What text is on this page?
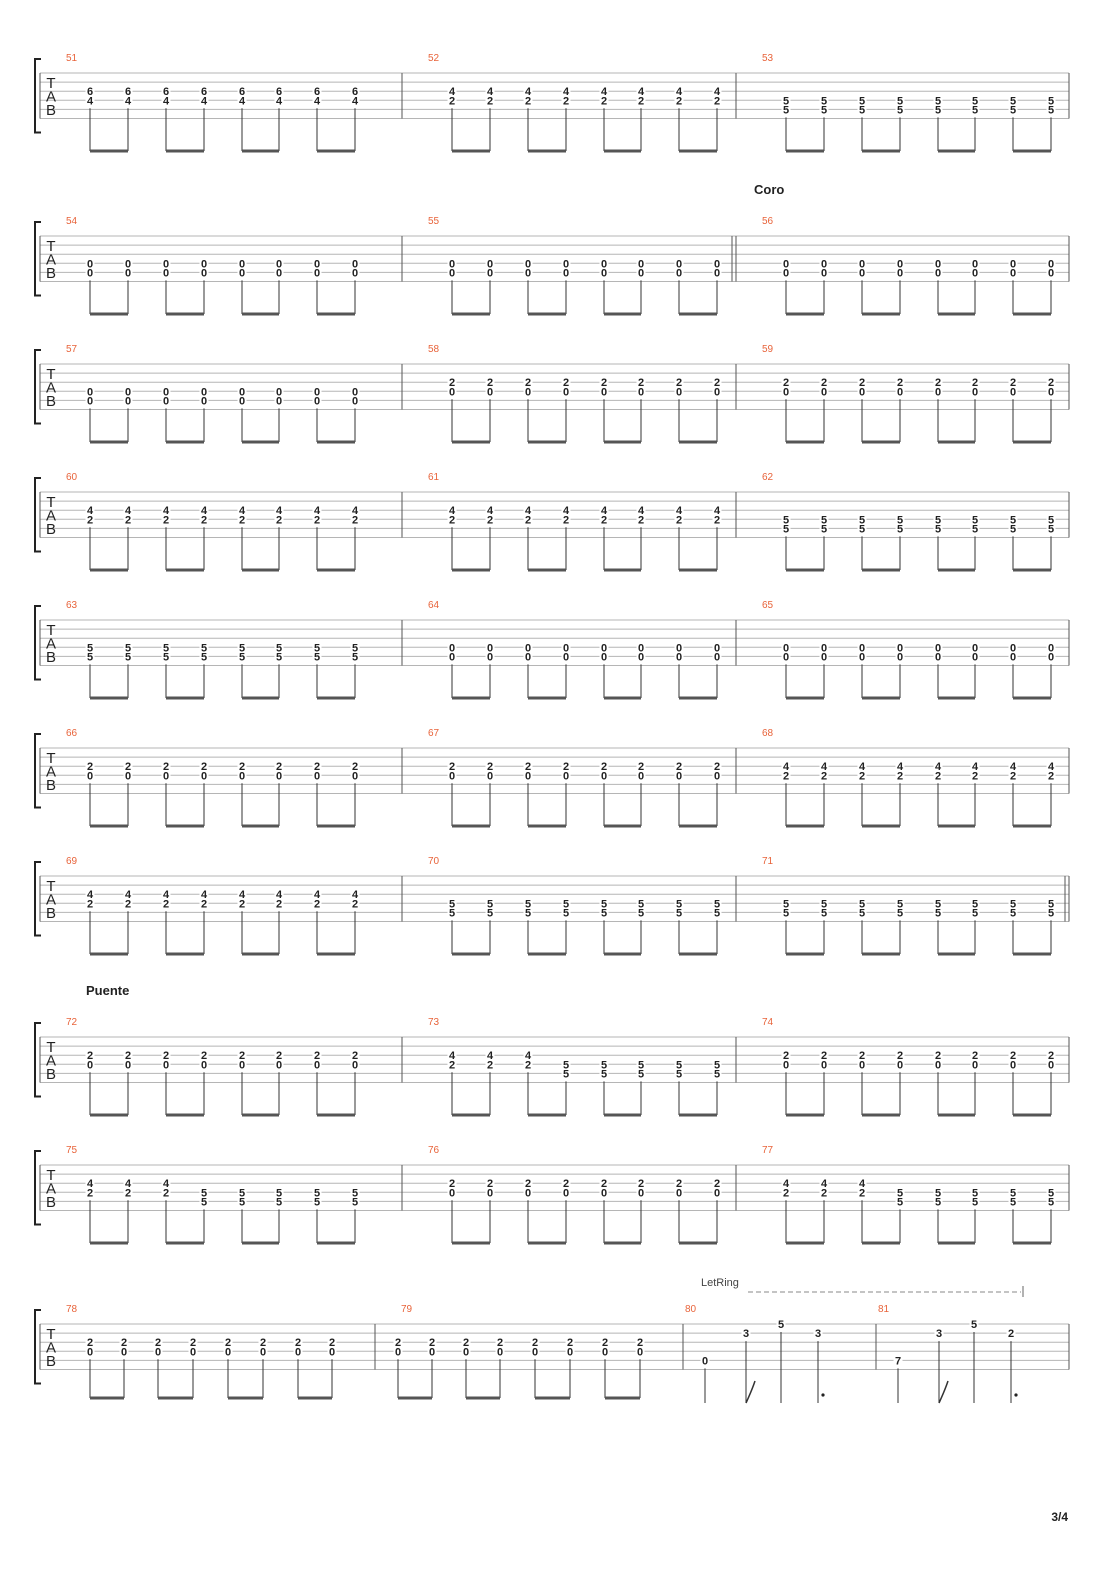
T
A
B
51
6
4
6
4
6
4
6
4
6
4
6
4
6
4
6
4
52
4
2
4
2
4
2
4
2
4
2
4
2
4
2
4
2
53
5
5
5
5
5
5
5
5
5
5
5
5
5
5
5
5
T
A
B
Coro
54
0
0
0
0
0
0
0
0
0
0
0
0
0
0
0
0
55
0
0
0
0
0
0
0
0
0
0
0
0
0
0
0
0
56
0
0
0
0
0
0
0
0
0
0
0
0
0
0
0
0
T
A
B
57
0
0
0
0
0
0
0
0
0
0
0
0
0
0
0
0
58
2
0
2
0
2
0
2
0
2
0
2
0
2
0
2
0
59
2
0
2
0
2
0
2
0
2
0
2
0
2
0
2
0
T
A
B
60
4
2
4
2
4
2
4
2
4
2
4
2
4
2
4
2
61
4
2
4
2
4
2
4
2
4
2
4
2
4
2
4
2
62
5
5
5
5
5
5
5
5
5
5
5
5
5
5
5
5
T
A
B
63
5
5
5
5
5
5
5
5
5
5
5
5
5
5
5
5
64
0
0
0
0
0
0
0
0
0
0
0
0
0
0
0
0
65
0
0
0
0
0
0
0
0
0
0
0
0
0
0
0
0
T
A
B
66
2
0
2
0
2
0
2
0
2
0
2
0
2
0
2
0
67
2
0
2
0
2
0
2
0
2
0
2
0
2
0
2
0
68
4
2
4
2
4
2
4
2
4
2
4
2
4
2
4
2
T
A
B
69
4
2
4
2
4
2
4
2
4
2
4
2
4
2
4
2
70
5
5
5
5
5
5
5
5
5
5
5
5
5
5
5
5
71
5
5
5
5
5
5
5
5
5
5
5
5
5
5
5
5
T
A
B
Puente
72
2
0
2
0
2
0
2
0
2
0
2
0
2
0
2
0
73
4
2
4
2
4
2	5
5
5
5
5
5
5
5
5
5
74
2
0
2
0
2
0
2
0
2
0
2
0
2
0
2
0
T
A
B
75
4
2
4
2
4
2	5
5
5
5
5
5
5
5
5
5
76
2
0
2
0
2
0
2
0
2
0
2
0
2
0
2
0
77
4
2
4
2
4
2	5
5
5
5
5
5
5
5
5
5
T
A
B
78
2
0
2
0
2
0
2
0
2
0
2
0
2
0
2
0
79
2
0
2
0
2
0
2
0
2
0
2
0
2
0
2
0
80
0
3
5
3
81
7
3
5
2
LetRing
3/4
